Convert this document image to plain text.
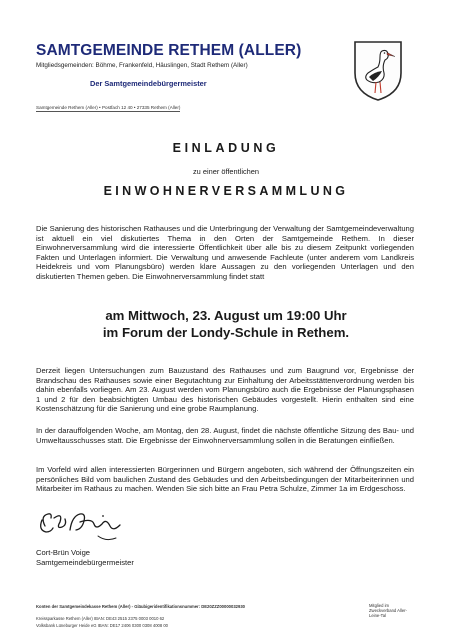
SAMTGEMEINDE RETHEM (ALLER)
Mitgliedsgemeinden: Böhme, Frankenfeld, Häuslingen, Stadt Rethem (Aller)
Der Samtgemeindebürgermeister
Samtgemeinde Rethem (Aller) • Postfach 12 40 • 27335 Rethem (Aller)
EINLADUNG
zu einer öffentlichen
EINWOHNERVERSAMMLUNG

Die Sanierung des historischen Rathauses und die Unterbringung der Verwaltung der Samtgemeindeverwaltung ist aktuell ein viel diskutiertes Thema in den Orten der Samtgemeinde Rethem. In dieser Einwohnerversammlung wird die interessierte Öffentlichkeit über alle bis zu diesem Zeitpunkt vorliegenden Fakten und Unterlagen informiert. Die Verwaltung und anwesende Fachleute (unter anderem vom Landkreis Heidekreis und vom Planungsbüro) werden klare Aussagen zu den vorliegenden Unterlagen und den diskutierten Themen geben. Die Einwohnerversammlung findet statt

am Mittwoch, 23. August um 19:00 Uhr
im Forum der Londy-Schule in Rethem.

Derzeit liegen Untersuchungen zum Bauzustand des Rathauses und zum Baugrund vor, Ergebnisse der Brandschau des Rathauses sowie einer Begutachtung zur Einhaltung der Arbeitsstättenverordnung werden bis dahin ebenfalls vorliegen. Am 23. August werden vom Planungsbüro auch die Ergebnisse der Planungsphasen 1 und 2 für den beabsichtigten Umbau des historischen Gebäudes vorgestellt. Hierin enthalten sind eine Kostenschätzung für die Sanierung und eine grobe Raumplanung.

In der darauffolgenden Woche, am Montag, den 28. August, findet die nächste öffentliche Sitzung des Bau- und Umweltausschusses statt. Die Ergebnisse der Einwohnerversammlung sollen in die Beratungen einfließen.

Im Vorfeld wird allen interessierten Bürgerinnen und Bürgern angeboten, sich während der Öffnungszeiten ein persönliches Bild vom baulichen Zustand des Gebäudes und den Arbeitsbedingungen der Mitarbeiterinnen und Mitarbeiter im Rathaus zu machen. Wenden Sie sich bitte an Frau Petra Schulze, Zimmer 1a im Erdgeschoss.

Cort-Brün Voige
Samtgemeindebürgermeister
Konten der Samtgemeindekasse Rethem (Aller) - Gläubigeridentifikationsnummer: DE20ZZZ00000032930
Kreissparkasse Rethem (Aller) IBAN: DE43 2515 2375 0003 0010 62
Volksbank Lüneburger Heide eG IBAN: DE17 2406 0300 0308 4008 00
Mitglied im Zweckverband Aller-Leine-Tal
